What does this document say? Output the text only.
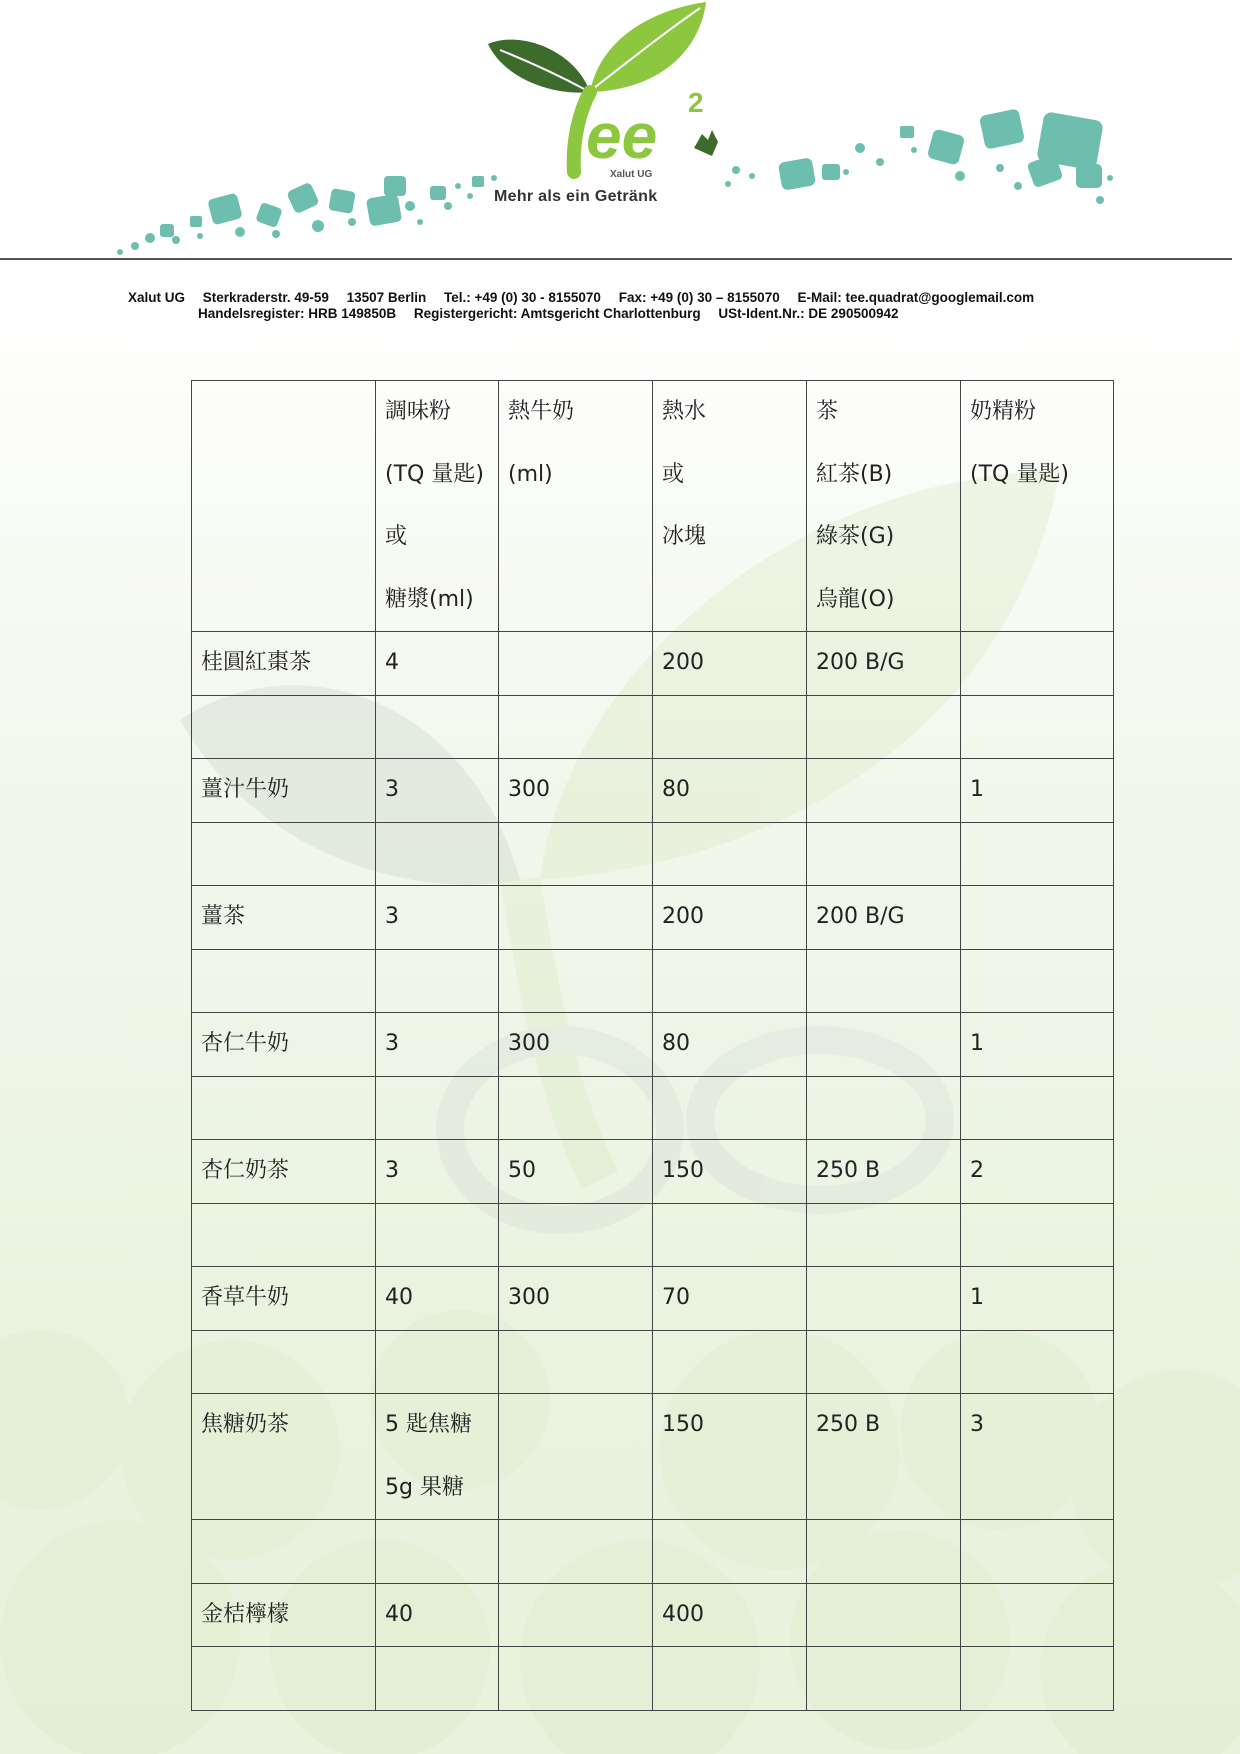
ee 2
Xalut UG
Mehr als ein Getränk
Xalut UG Sterkraderstr. 49-59 13507 Berlin Tel.: +49 (0) 30 - 8155070 Fax: +49 (0) 30 – 8155070 E-Mail: tee.quadrat@googlemail.com
Handelsregister: HRB 149850B Registergericht: Amtsgericht Charlottenburg USt-Ident.Nr.: DE 290500942

	調味粉
(TQ 量匙)
或
糖漿(ml)	熱牛奶
(ml)	熱水
或
冰塊	茶
紅茶(B)
綠茶(G)
烏龍(O)	奶精粉
(TQ 量匙)

桂圓紅棗茶	4		200	200 B/G	

薑汁牛奶	3	300	80		1

薑茶	3		200	200 B/G	

杏仁牛奶	3	300	80		1

杏仁奶茶	3	50	150	250 B	2

香草牛奶	40	300	70		1

焦糖奶茶	5 匙焦糖
5g 果糖		150	250 B	3

金桔檸檬	40		400		
